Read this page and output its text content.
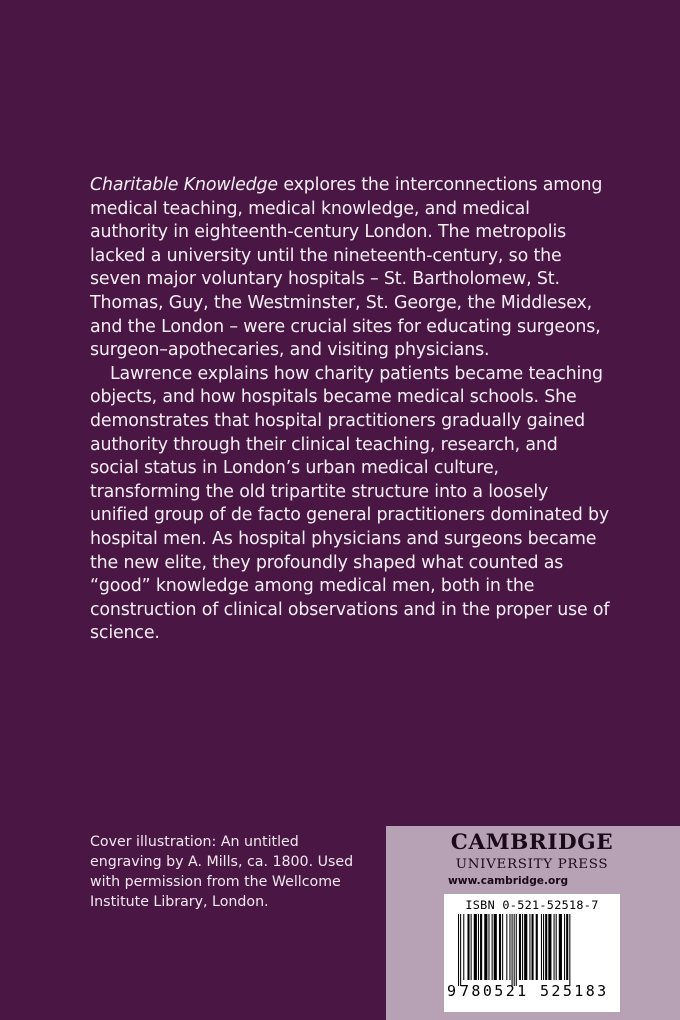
Charitable Knowledge explores the interconnections among medical teaching, medical knowledge, and medical authority in eighteenth-century London. The metropolis lacked a university until the nineteenth-century, so the seven major voluntary hospitals – St. Bartholomew, St. Thomas, Guy, the Westminster, St. George, the Middlesex, and the London – were crucial sites for educating surgeons, surgeon–apothecaries, and visiting physicians.

Lawrence explains how charity patients became teaching objects, and how hospitals became medical schools. She demonstrates that hospital practitioners gradually gained authority through their clinical teaching, research, and social status in London’s urban medical culture, transforming the old tripartite structure into a loosely unified group of de facto general practitioners dominated by hospital men. As hospital physicians and surgeons became the new elite, they profoundly shaped what counted as “good” knowledge among medical men, both in the construction of clinical observations and in the proper use of science.

Cover illustration: An untitled
engraving by A. Mills, ca. 1800. Used
with permission from the Wellcome
Institute Library, London.

CAMBRIDGE
UNIVERSITY PRESS
www.cambridge.org
ISBN 0-521-52518-7
9 780521 525183
